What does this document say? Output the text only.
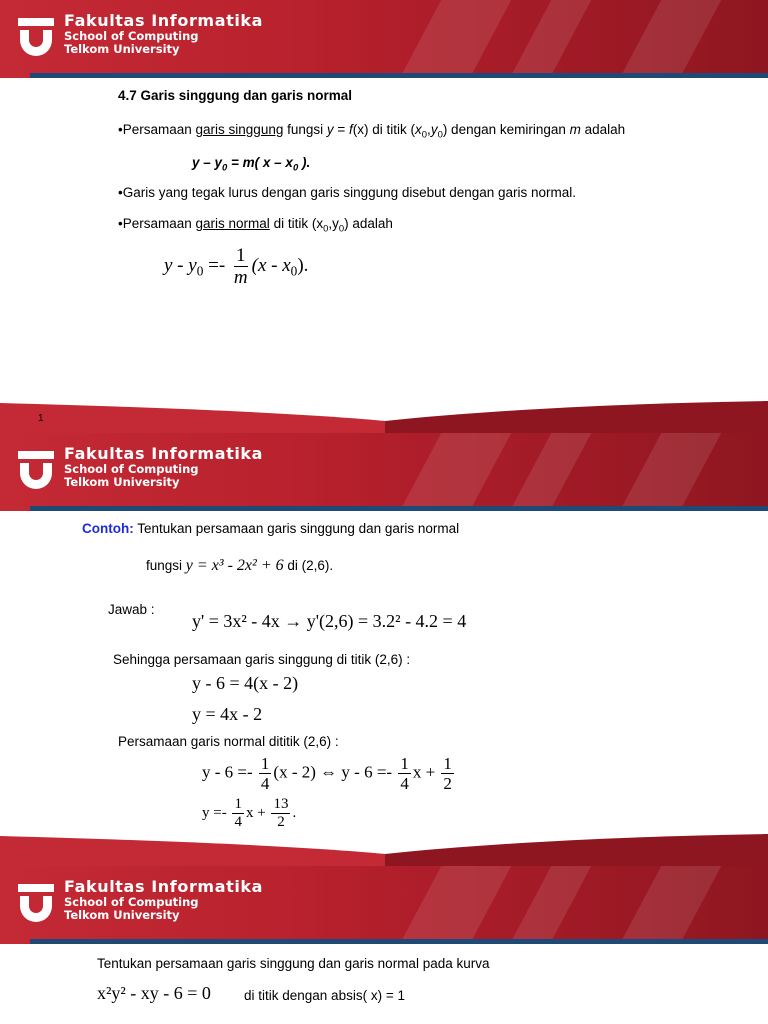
Fakultas Informatika
School of Computing
Telkom University
4.7 Garis singgung dan garis normal
•Persamaan garis singgung fungsi y = f(x) di titik $(x_0,y_0)$ dengan kemiringan m adalah
$y - y_0 = m$( x – $x_0$ ).
•Garis yang tegak lurus dengan garis singgung disebut dengan garis normal.
•Persamaan garis normal di titik $(x_0,y_0)$ adalah
$y - y_0 =- \frac{1}{m} (x - x_0)$.
1
Fakultas Informatika
School of Computing
Telkom University
Contoh: Tentukan persamaan garis singgung dan garis normal
fungsi y = x³ - 2x² + 6 di (2,6).
Jawab :
y' = 3x² - 4x → y'(2,6) = 3.2² - 4.2 = 4
Sehingga persamaan garis singgung di titik (2,6) :
y - 6 = 4(x - 2)
y = 4x - 2
Persamaan garis normal dititik (2,6) :
$y - 6 =- \frac{1}{4} (x - 2)$ ⇔ $y - 6 =- \frac{1}{4}$ $x + \frac{1}{2}$
$y =- \frac{1}{4}$ $x + \frac{13}{2}$ .
Fakultas Informatika
School of Computing
Telkom University
Tentukan persamaan garis singgung dan garis normal pada kurva
x²y² - xy - 6 = 0 di titik dengan absis( x) = 1
